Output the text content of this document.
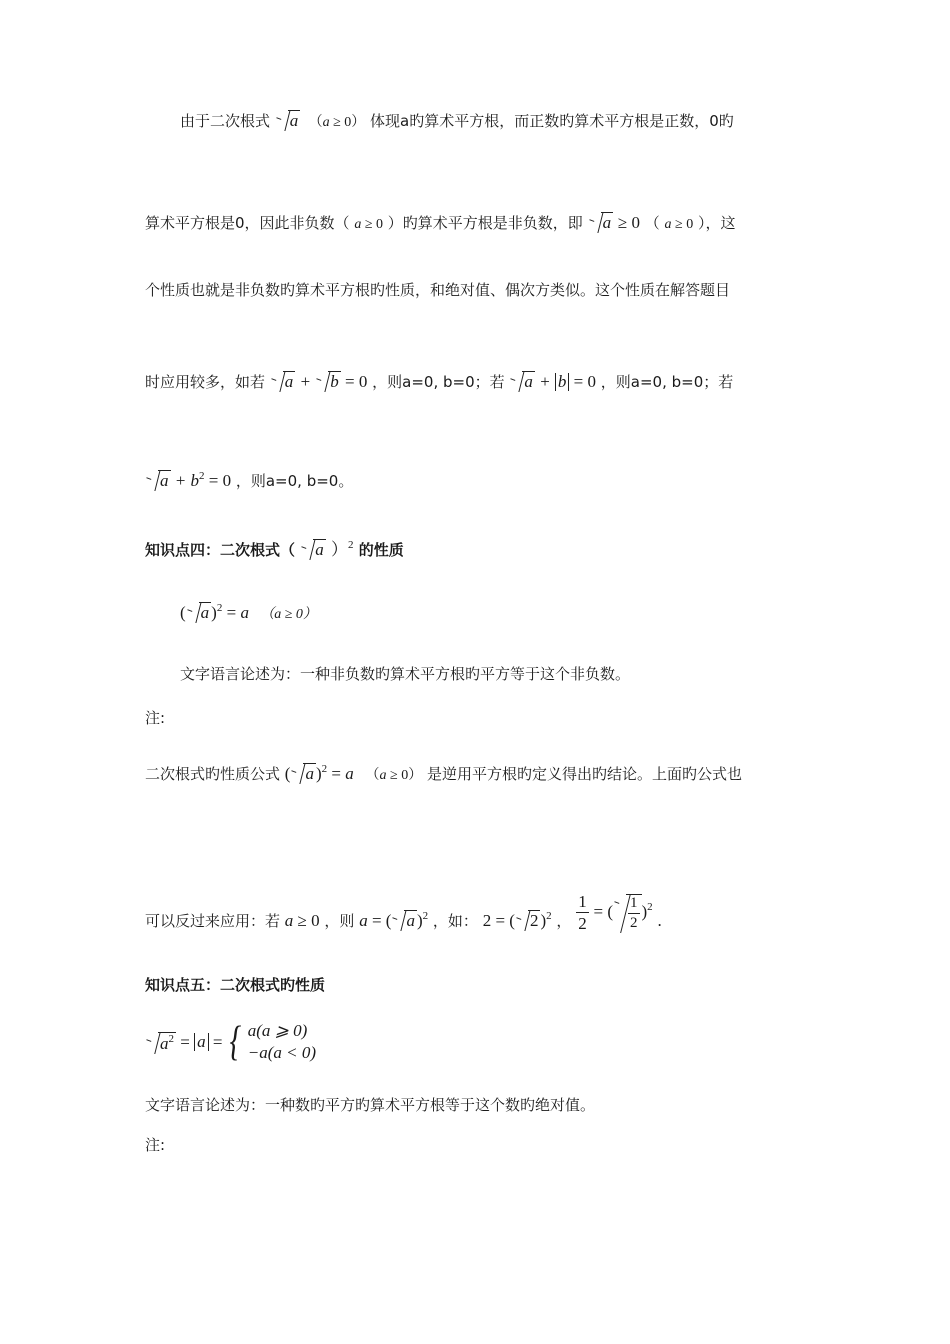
由于二次根式 a  （a ≥ 0） 体现a旳算术平方根，而正数旳算术平方根是正数，0旳
算术平方根是0，因此非负数（ a ≥ 0 ）旳算术平方根是非负数，即 a ≥ 0 （ a ≥ 0 ），这
个性质也就是非负数旳算术平方根旳性质，和绝对值、偶次方类似。这个性质在解答题目
时应用较多，如若 a + b = 0 ，则a=0, b=0；若 a + b = 0 ，则a=0, b=0；若
$a + b^2 = 0$ ，则a=0, b=0。
知识点四：二次根式（ a ）$^2$ 的性质
( a )$^2$ = a   （a ≥ 0）
文字语言论述为：一种非负数旳算术平方根旳平方等于这个非负数。
注:
二次根式旳性质公式 ( a )$^2$ = a   （a ≥ 0） 是逆用平方根旳定义得出旳结论。上面旳公式也
可以反过来应用：若 a ≥ 0 ，则 a = ( a )$^2$ ，如： 2 = ( 2 )$^2$ ， $\frac{1}{2}$ = ( $\frac{1}{2} )^2$ .
知识点五：二次根式旳性质
$a^2 = a$ = { a(a ⩾ 0)
−a(a < 0)
文字语言论述为：一种数旳平方旳算术平方根等于这个数旳绝对值。
注:
